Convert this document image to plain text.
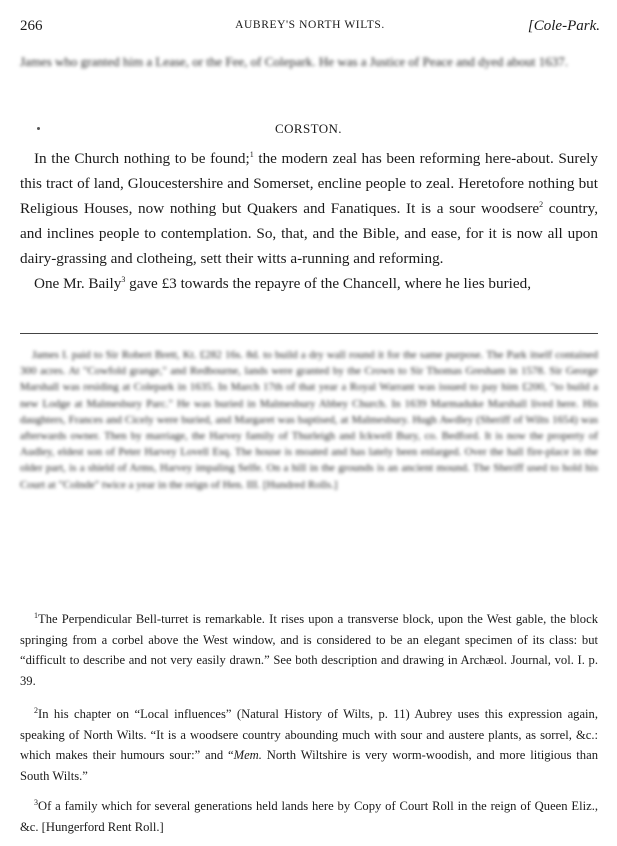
266	AUBREY'S NORTH WILTS.	[Cole-Park.
James who granted him a Lease, or the Fee, of Colepark. He was a Justice of Peace and dyed about 1637.
CORSTON.

In the Church nothing to be found;$^1$ the modern zeal has been reforming here-about. Surely this tract of land, Gloucestershire and Somerset, encline people to zeal. Heretofore nothing but Religious Houses, now nothing but Quakers and Fanatiques. It is a sour woodsere$^2$ country, and inclines people to contemplation. So, that, and the Bible, and ease, for it is now all upon dairy-grassing and clotheing, sett their witts a-running and reforming.

One Mr. Baily$^3$ gave £3 towards the repayre of the Chancell, where he lies buried,

James I. paid to Sir Robert Brett, Kt. £282 16s. 8d. to build a dry wall round it for the same purpose. The Park itself contained 300 acres. At "Cowfold grange," and Redbourne, lands were granted by the Crown to Sir Thomas Gresham in 1578. Sir George Marshall was residing at Colepark in 1635. In March 17th of that year a Royal Warrant was issued to pay him £200, "to build a new Lodge at Malmesbury Parc." He was buried in Malmesbury Abbey Church. In 1639 Marmaduke Marshall lived here. His daughters, Frances and Cicely were buried, and Margaret was baptised, at Malmesbury. Hugh Awdley (Sheriff of Wilts 1654) was afterwards owner. Then by marriage, the Harvey family of Thurleigh and Ickwell Bury, co. Bedford. It is now the property of Audley, eldest son of Peter Harvey Lovell Esq. The house is moated and has lately been enlarged. Over the hall fire-place in the older part, is a shield of Arms, Harvey impaling Selfe. On a hill in the grounds is an ancient mound. The Sheriff used to hold his Court at "Colnde" twice a year in the reign of Hen. III. [Hundred Rolls.]

$^1$The Perpendicular Bell-turret is remarkable. It rises upon a transverse block, upon the West gable, the block springing from a corbel above the West window, and is considered to be an elegant specimen of its class: but “difficult to describe and not very easily drawn.” See both description and drawing in Archæol. Journal, vol. I. p. 39.

$^2$In his chapter on “Local influences” (Natural History of Wilts, p. 11) Aubrey uses this expression again, speaking of North Wilts. “It is a woodsere country abounding much with sour and austere plants, as sorrel, &c.: which makes their humours sour:” and “Mem. North Wiltshire is very worm-woodish, and more litigious than South Wilts.”

$^3$Of a family which for several generations held lands here by Copy of Court Roll in the reign of Queen Eliz., &c. [Hungerford Rent Roll.]
